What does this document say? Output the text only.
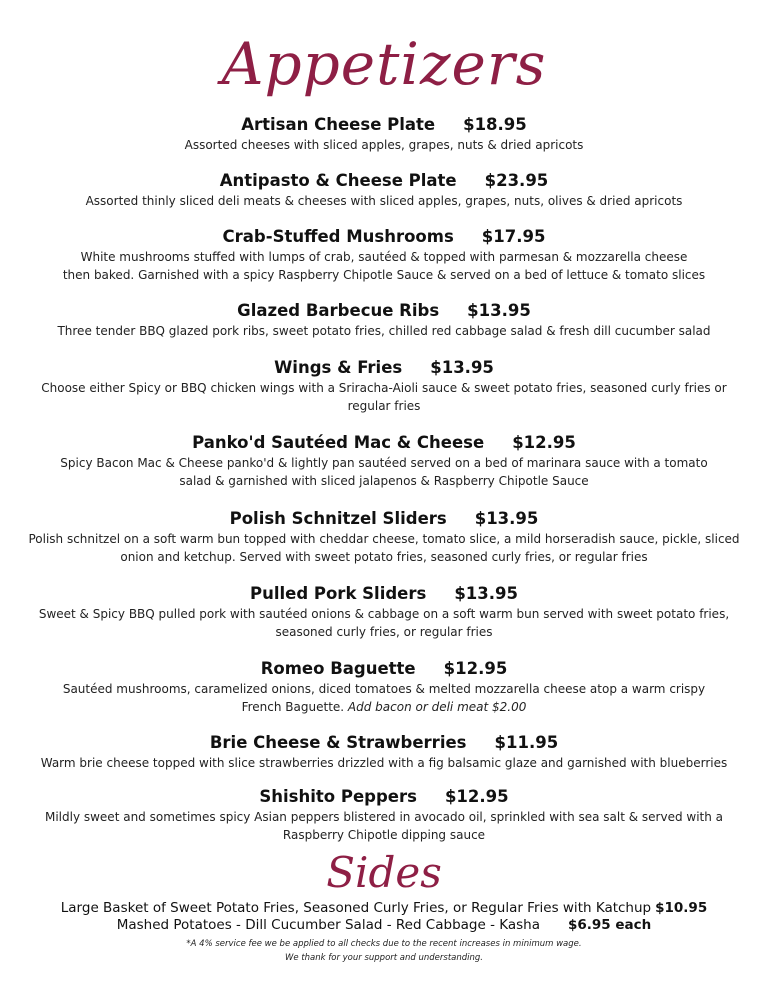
Appetizers
Artisan Cheese Plate $18.95
Assorted cheeses with sliced apples, grapes, nuts & dried apricots
Antipasto & Cheese Plate $23.95
Assorted thinly sliced deli meats & cheeses with sliced apples, grapes, nuts, olives & dried apricots
Crab-Stuffed Mushrooms $17.95
White mushrooms stuffed with lumps of crab, sautéed & topped with parmesan & mozzarella cheese
then baked. Garnished with a spicy Raspberry Chipotle Sauce & served on a bed of lettuce & tomato slices
Glazed Barbecue Ribs $13.95
Three tender BBQ glazed pork ribs, sweet potato fries, chilled red cabbage salad & fresh dill cucumber salad
Wings & Fries $13.95
Choose either Spicy or BBQ chicken wings with a Sriracha-Aioli sauce & sweet potato fries, seasoned curly fries or
regular fries
Panko'd Sautéed Mac & Cheese $12.95
Spicy Bacon Mac & Cheese panko'd & lightly pan sautéed served on a bed of marinara sauce with a tomato
salad & garnished with sliced jalapenos & Raspberry Chipotle Sauce
Polish Schnitzel Sliders $13.95
Polish schnitzel on a soft warm bun topped with cheddar cheese, tomato slice, a mild horseradish sauce, pickle, sliced
onion and ketchup. Served with sweet potato fries, seasoned curly fries, or regular fries
Pulled Pork Sliders $13.95
Sweet & Spicy BBQ pulled pork with sautéed onions & cabbage on a soft warm bun served with sweet potato fries,
seasoned curly fries, or regular fries
Romeo Baguette $12.95
Sautéed mushrooms, caramelized onions, diced tomatoes & melted mozzarella cheese atop a warm crispy
French Baguette. Add bacon or deli meat $2.00
Brie Cheese & Strawberries $11.95
Warm brie cheese topped with slice strawberries drizzled with a fig balsamic glaze and garnished with blueberries
Shishito Peppers $12.95
Mildly sweet and sometimes spicy Asian peppers blistered in avocado oil, sprinkled with sea salt & served with a
Raspberry Chipotle dipping sauce
Sides
Large Basket of Sweet Potato Fries, Seasoned Curly Fries, or Regular Fries with Katchup $10.95
Mashed Potatoes - Dill Cucumber Salad - Red Cabbage - Kasha $6.95 each
*A 4% service fee we be applied to all checks due to the recent increases in minimum wage.
We thank for your support and understanding.
